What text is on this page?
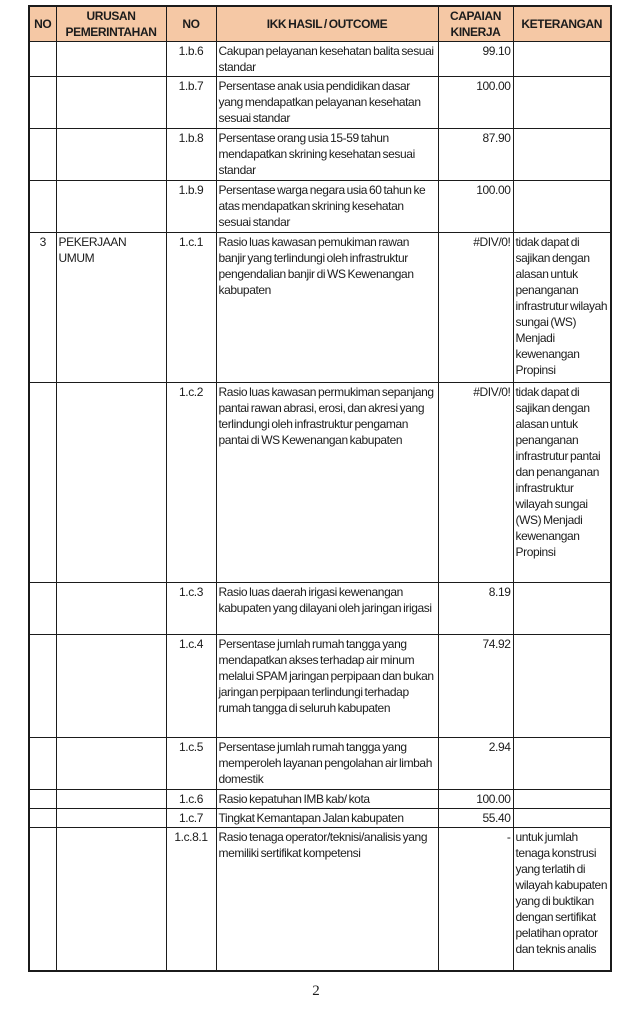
NO	URUSAN PEMERINTAHAN	NO	IKK HASIL / OUTCOME	CAPAIAN KINERJA	KETERANGAN
		1.b.6	Cakupan pelayanan kesehatan balita sesuai standar	99.10	
		1.b.7	Persentase anak usia pendidikan dasar yang mendapatkan pelayanan kesehatan sesuai standar	100.00	
		1.b.8	Persentase orang usia 15-59 tahun mendapatkan skrining kesehatan sesuai standar	87.90	
		1.b.9	Persentase warga negara usia 60 tahun ke atas mendapatkan skrining kesehatan sesuai standar	100.00	
3	PEKERJAAN UMUM	1.c.1	Rasio luas kawasan pemukiman rawan banjir yang terlindungi oleh infrastruktur pengendalian banjir di WS Kewenangan kabupaten	#DIV/0!	tidak dapat di sajikan dengan alasan untuk penanganan infrastrutur wilayah sungai (WS) Menjadi kewenangan Propinsi
		1.c.2	Rasio luas kawasan permukiman sepanjang pantai rawan abrasi, erosi, dan akresi yang terlindungi oleh infrastruktur pengaman pantai di WS Kewenangan kabupaten	#DIV/0!	tidak dapat di sajikan dengan alasan untuk penanganan infrastrutur pantai dan penanganan infrastruktur wilayah sungai (WS) Menjadi kewenangan Propinsi
		1.c.3	Rasio luas daerah irigasi kewenangan kabupaten yang dilayani oleh jaringan irigasi	8.19	
		1.c.4	Persentase jumlah rumah tangga yang mendapatkan akses terhadap air minum melalui SPAM jaringan perpipaan dan bukan jaringan perpipaan terlindungi terhadap rumah tangga di seluruh kabupaten	74.92	
		1.c.5	Persentase jumlah rumah tangga yang memperoleh layanan pengolahan air limbah domestik	2.94	
		1.c.6	Rasio kepatuhan IMB kab/ kota	100.00	
		1.c.7	Tingkat Kemantapan Jalan kabupaten	55.40	
		1.c.8.1	Rasio tenaga operator/teknisi/analisis yang memiliki sertifikat kompetensi	-	untuk jumlah tenaga konstrusi yang terlatih di wilayah kabupaten yang di buktikan dengan sertifikat pelatihan oprator dan teknis analis
2
